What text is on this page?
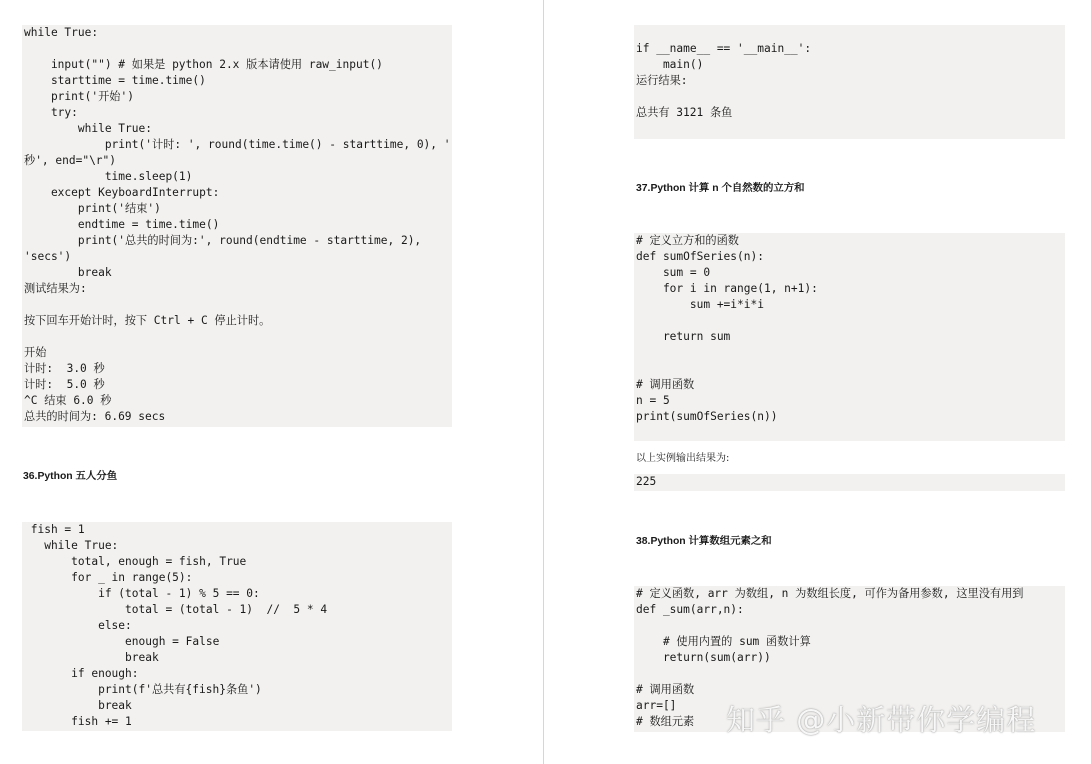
while True:
input("") # 如果是 python 2.x 版本请使用 raw_input()
starttime = time.time()
print('开始')
try:
while True:
print('计时: ', round(time.time() - starttime, 0), '
秒', end="\r")
time.sleep(1)
except KeyboardInterrupt:
print('结束')
endtime = time.time()
print('总共的时间为:', round(endtime - starttime, 2),
'secs')
break
测试结果为:
按下回车开始计时，按下 Ctrl + C 停止计时。
开始
计时:  3.0 秒
计时:  5.0 秒
^C 结束 6.0 秒
总共的时间为: 6.69 secs
36.Python 五人分鱼
fish = 1
while True:
total, enough = fish, True
for _ in range(5):
if (total - 1) % 5 == 0:
total = (total - 1)  //  5 * 4
else:
enough = False
break
if enough:
print(f'总共有{fish}条鱼')
break
fish += 1
if __name__ == '__main__':
main()
运行结果:
总共有 3121 条鱼
37.Python 计算 n 个自然数的立方和
# 定义立方和的函数
def sumOfSeries(n):
sum = 0
for i in range(1, n+1):
sum +=i*i*i
return sum
# 调用函数
n = 5
print(sumOfSeries(n))
以上实例输出结果为:
225
38.Python 计算数组元素之和
# 定义函数, arr 为数组, n 为数组长度, 可作为备用参数, 这里没有用到
def _sum(arr,n):
# 使用内置的 sum 函数计算
return(sum(arr))
# 调用函数
arr=[]
# 数组元素	知乎 @小新带你学编程
